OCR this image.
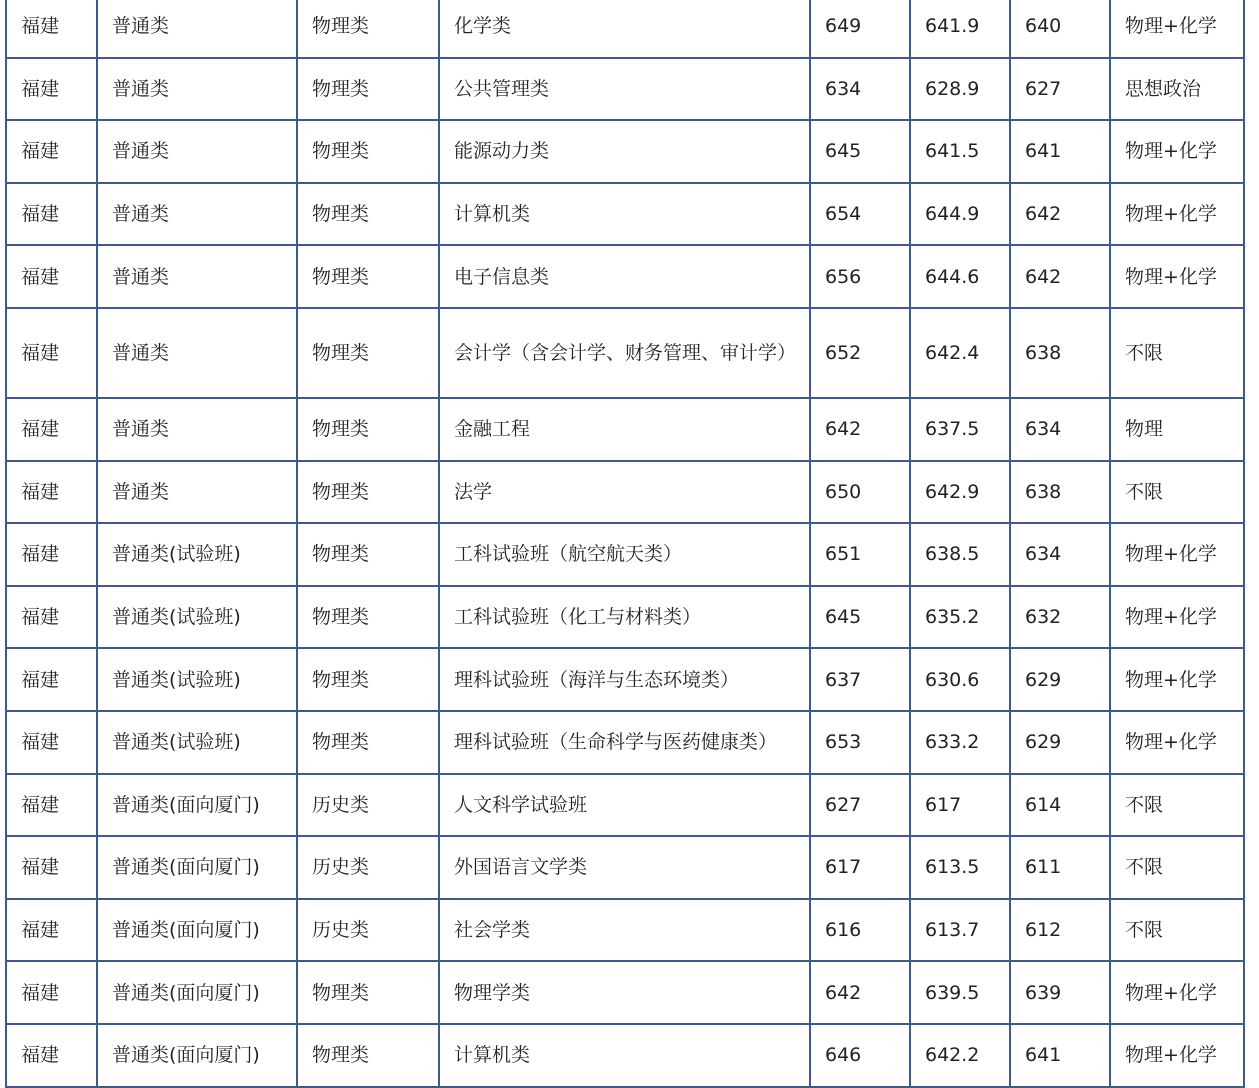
福建	普通类	物理类	化学类	649	641.9	640	物理+化学
福建	普通类	物理类	公共管理类	634	628.9	627	思想政治
福建	普通类	物理类	能源动力类	645	641.5	641	物理+化学
福建	普通类	物理类	计算机类	654	644.9	642	物理+化学
福建	普通类	物理类	电子信息类	656	644.6	642	物理+化学
福建	普通类	物理类	会计学（含会计学、财务管理、审计学）	652	642.4	638	不限
福建	普通类	物理类	金融工程	642	637.5	634	物理
福建	普通类	物理类	法学	650	642.9	638	不限
福建	普通类(试验班)	物理类	工科试验班（航空航天类）	651	638.5	634	物理+化学
福建	普通类(试验班)	物理类	工科试验班（化工与材料类）	645	635.2	632	物理+化学
福建	普通类(试验班)	物理类	理科试验班（海洋与生态环境类）	637	630.6	629	物理+化学
福建	普通类(试验班)	物理类	理科试验班（生命科学与医药健康类）	653	633.2	629	物理+化学
福建	普通类(面向厦门)	历史类	人文科学试验班	627	617	614	不限
福建	普通类(面向厦门)	历史类	外国语言文学类	617	613.5	611	不限
福建	普通类(面向厦门)	历史类	社会学类	616	613.7	612	不限
福建	普通类(面向厦门)	物理类	物理学类	642	639.5	639	物理+化学
福建	普通类(面向厦门)	物理类	计算机类	646	642.2	641	物理+化学
